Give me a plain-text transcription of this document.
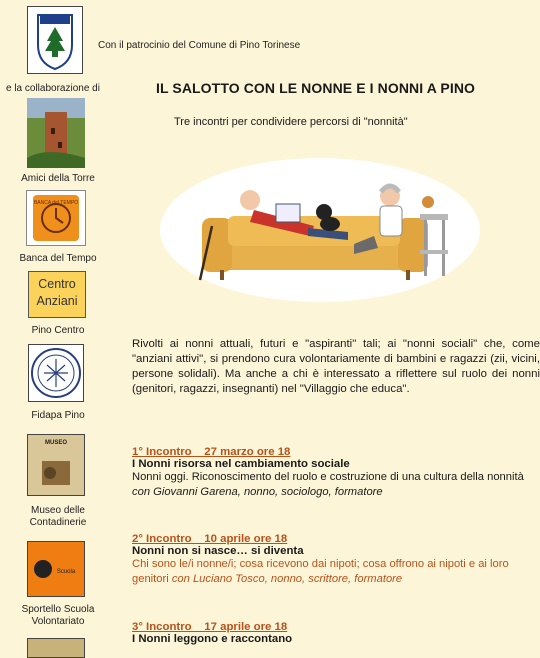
Con il patrocinio del Comune di Pino Torinese
e la collaborazione di
Amici della Torre
BANCA del TEMPO
Banca del Tempo
Centro Anziani
Pino Centro
Fidapa Pino
MUSEO
Museo delle Contadinerie
Scuola
Sportello Scuola Volontariato
IL SALOTTO CON LE NONNE E I NONNI A PINO
Tre incontri per condividere percorsi di "nonnità"
Rivolti ai nonni attuali, futuri e "aspiranti" tali; ai "nonni sociali" che, come "anziani attivi", si prendono cura volontariamente di bambini e ragazzi (zii, vicini, persone solidali). Ma anche a chi è interessato a riflettere sul ruolo dei nonni (genitori, ragazzi, insegnanti) nel "Villaggio che educa".
1° Incontro    27 marzo ore 18
I Nonni risorsa nel cambiamento sociale
Nonni oggi. Riconoscimento del ruolo e costruzione di una cultura della nonnità con Giovanni Garena, nonno, sociologo, formatore
2° Incontro    10 aprile ore 18
Nonni non si nasce… si diventa
Chi sono le/i nonne/i; cosa ricevono dai nipoti; cosa offrono ai nipoti e ai loro genitori con Luciano Tosco, nonno, scrittore, formatore
3° Incontro    17 aprile ore 18
I Nonni leggono e raccontano
